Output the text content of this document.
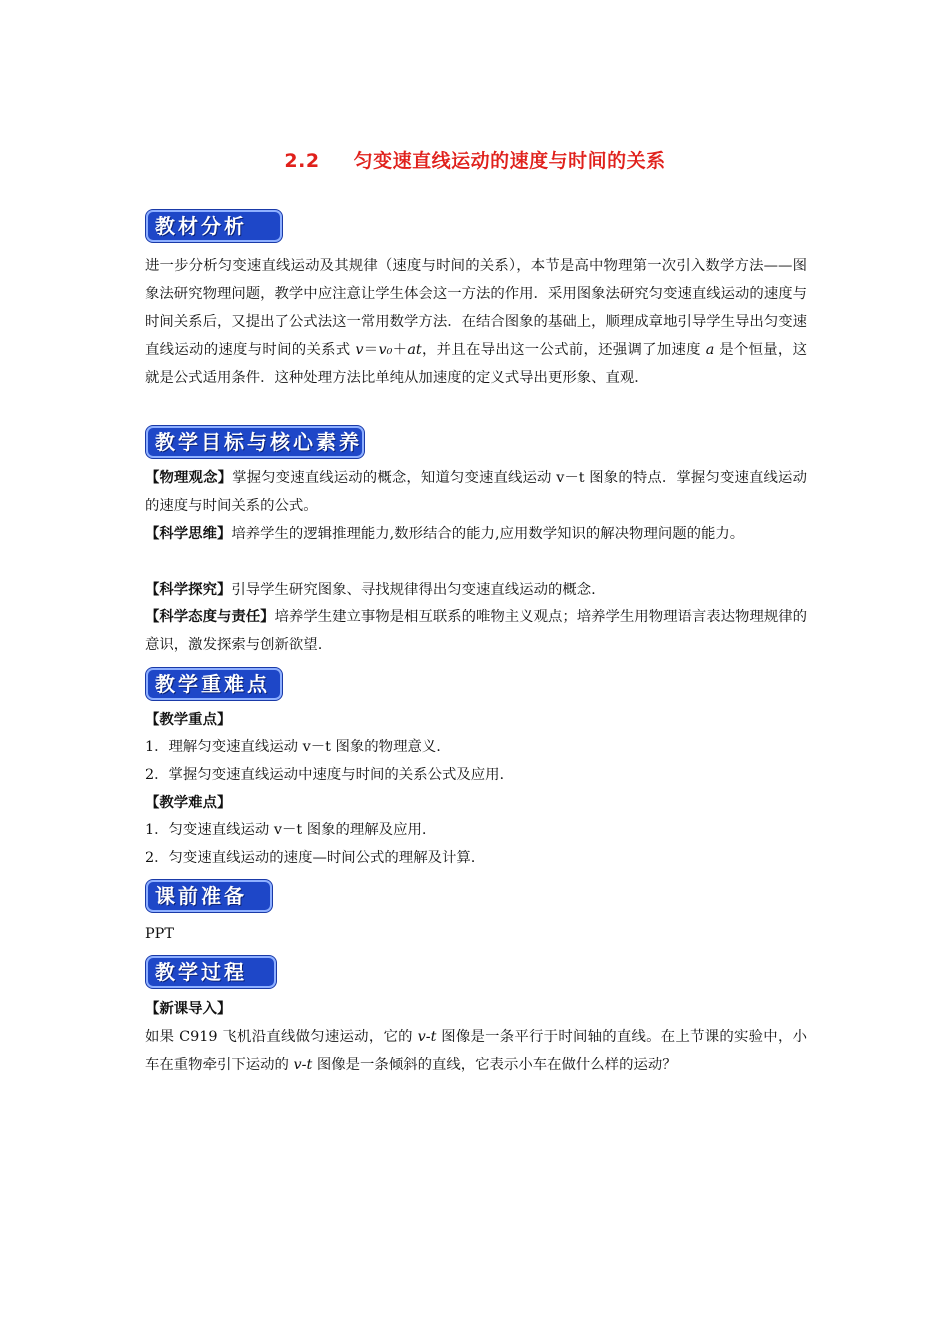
2.2 匀变速直线运动的速度与时间的关系
教材分析
进一步分析匀变速直线运动及其规律（速度与时间的关系），本节是高中物理第一次引入数学方法——图象法研究物理问题，教学中应注意让学生体会这一方法的作用．采用图象法研究匀变速直线运动的速度与时间关系后，又提出了公式法这一常用数学方法．在结合图象的基础上，顺理成章地引导学生导出匀变速直线运动的速度与时间的关系式 v＝v₀＋at，并且在导出这一公式前，还强调了加速度 a 是个恒量，这就是公式适用条件．这种处理方法比单纯从加速度的定义式导出更形象、直观．
教学目标与核心素养
【物理观念】掌握匀变速直线运动的概念，知道匀变速直线运动 v－t 图象的特点．掌握匀变速直线运动的速度与时间关系的公式。
【科学思维】培养学生的逻辑推理能力,数形结合的能力,应用数学知识的解决物理问题的能力。
【科学探究】引导学生研究图象、寻找规律得出匀变速直线运动的概念.
【科学态度与责任】培养学生建立事物是相互联系的唯物主义观点；培养学生用物理语言表达物理规律的意识，激发探索与创新欲望.
教学重难点
【教学重点】
1．理解匀变速直线运动 v－t 图象的物理意义.
2．掌握匀变速直线运动中速度与时间的关系公式及应用.
【教学难点】
1．匀变速直线运动 v－t 图象的理解及应用.
2．匀变速直线运动的速度—时间公式的理解及计算.
课前准备
PPT
教学过程
【新课导入】
如果 C919 飞机沿直线做匀速运动，它的 v-t 图像是一条平行于时间轴的直线。在上节课的实验中，小车在重物牵引下运动的 v-t 图像是一条倾斜的直线，它表示小车在做什么样的运动？
